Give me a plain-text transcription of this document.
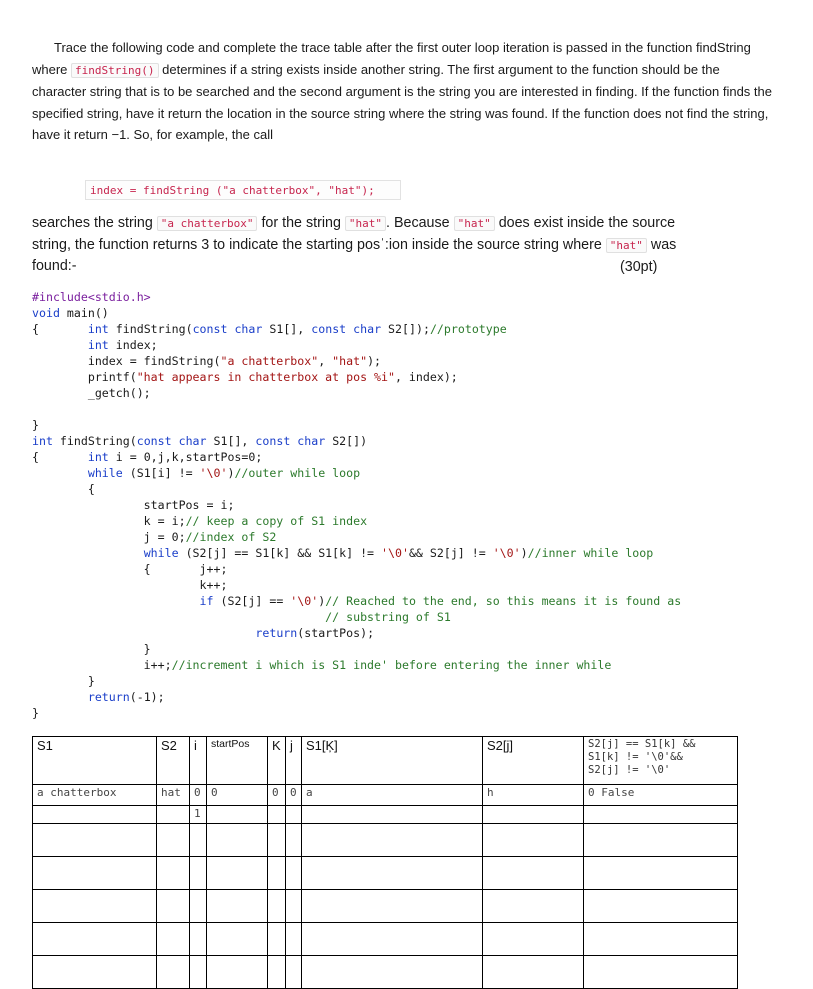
Trace the following code and complete the trace table after the first outer loop iteration is passed in the function findString where findString() determines if a string exists inside another string. The first argument to the function should be the character string that is to be searched and the second argument is the string you are interested in finding. If the function finds the specified string, have it return the location in the source string where the string was found. If the function does not find the string, have it return −1. So, for example, the call
index = findString ("a chatterbox", "hat");
searches the string "a chatterbox" for the string "hat" . Because "hat" does exist inside the source string, the function returns 3 to indicate the starting posˈ:ion inside the source string where "hat" was found:-	(30pt)
#include<stdio.h>
void main()
{	int findString(const char S1[], const char S2[]);//prototype
int index;
index = findString("a chatterbox", "hat");
printf("hat appears in chatterbox at pos %i", index);
_getch();

}
int findString(const char S1[], const char S2[])
{	int i = 0,j,k,startPos=0;
while (S1[i] != '\0')//outer while loop
{
startPos = i;
k = i;// keep a copy of S1 index
j = 0;//index of S2
while (S2[j] == S1[k] && S1[k] != '\0'&& S2[j] != '\0')//inner while loop
{       j++;
k++;
if (S2[j] == '\0')// Reached to the end, so this means it is found as
// substring of S1
return(startPos);
}
i++;//increment i which is S1 inde' before entering the inner while
}
return(-1);
}
S1	S2	i	startPos	K	j	S1[Ķ]	S2[j]	S2[j] == S1[k] &&
S1[k] != '\0'&&
S2[j] != '\0'
a chatterbox	hat	0	0	0	0	a	h	0 False
		1						
